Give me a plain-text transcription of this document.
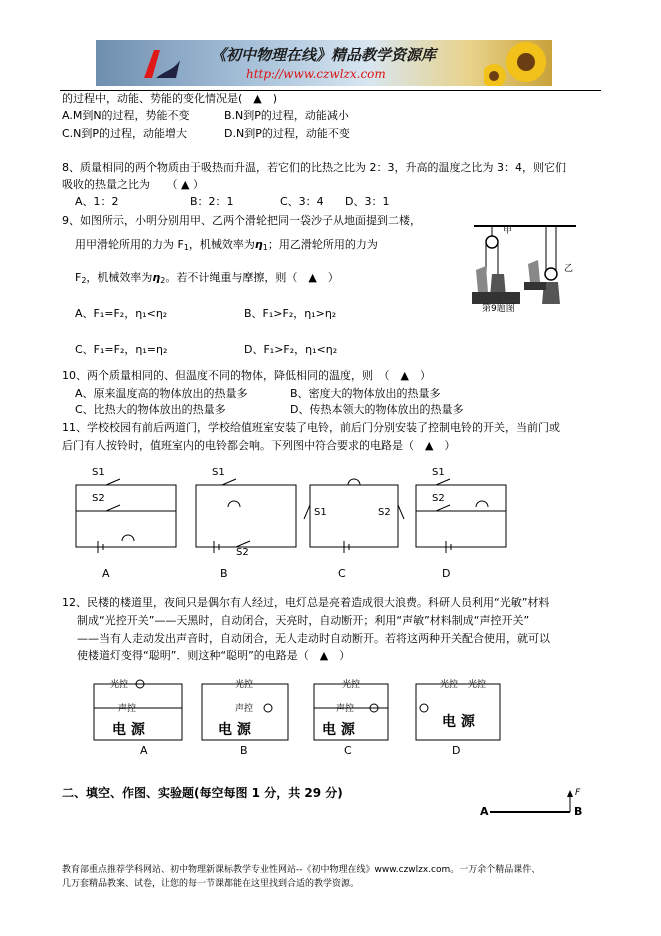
《初中物理在线》精品教学资源库
http://www.czwlzx.com
的过程中，动能、势能的变化情况是(　▲　)
A.M到N的过程，势能不变	B.N到P的过程，动能减小
C.N到P的过程，动能增大	D.N到P的过程，动能不变
8、质量相同的两个物质由于吸热而升温，若它们的比热之比为 2：3，升高的温度之比为 3：4，则它们
吸收的热量之比为　　（ ▲ ）
A、1：2	B：2：1	C、3：4 D、3：1
9、如图所示，小明分别用甲、乙两个滑轮把同一袋沙子从地面提到二楼，
用甲滑轮所用的力为 $F_1$，机械效率为$\eta_1$；用乙滑轮所用的力为
$F_2$，机械效率为$\eta_2$。若不计绳重与摩擦，则（　▲　）
A、F₁=F₂，η₁<η₂	B、F₁>F₂，η₁>η₂
C、F₁=F₂，η₁=η₂	D、F₁>F₂，η₁<η₂
甲
乙
第9题图
10、两个质量相同的、但温度不同的物体，降低相同的温度，则　（　▲　）
A、原来温度高的物体放出的热量多	B、密度大的物体放出的热量多
C、比热大的物体放出的热量多	D、传热本领大的物体放出的热量多
11、学校校园有前后两道门，学校给值班室安装了电铃，前后门分别安装了控制电铃的开关，当前门或
后门有人按铃时，值班室内的电铃都会响。下列图中符合要求的电路是（　▲　）
S1
S2
S1
S2
S1	S2
S1
S2
A	B	C	D
12、民楼的楼道里，夜间只是偶尔有人经过，电灯总是亮着造成很大浪费。科研人员利用“光敏”材料
制成“光控开关”——天黑时，自动闭合，天亮时，自动断开；利用“声敏”材料制成“声控开关”
——当有人走动发出声音时，自动闭合，无人走动时自动断开。若将这两种开关配合使用，就可以
使楼道灯变得“聪明”．则这种“聪明”的电路是（　▲　）
光控
声控
电 源
光控
声控
电 源
光控
声控
电 源
光控 光控
电 源
A	B	C	D
二、填空、作图、实验题(每空每图 1 分，共 29 分)
A	B
F
教育部重点推荐学科网站、初中物理新课标教学专业性网站--《初中物理在线》www.czwlzx.com。一万余个精品课件、
几万套精品教案、试卷，让您的每一节课都能在这里找到合适的教学资源。
